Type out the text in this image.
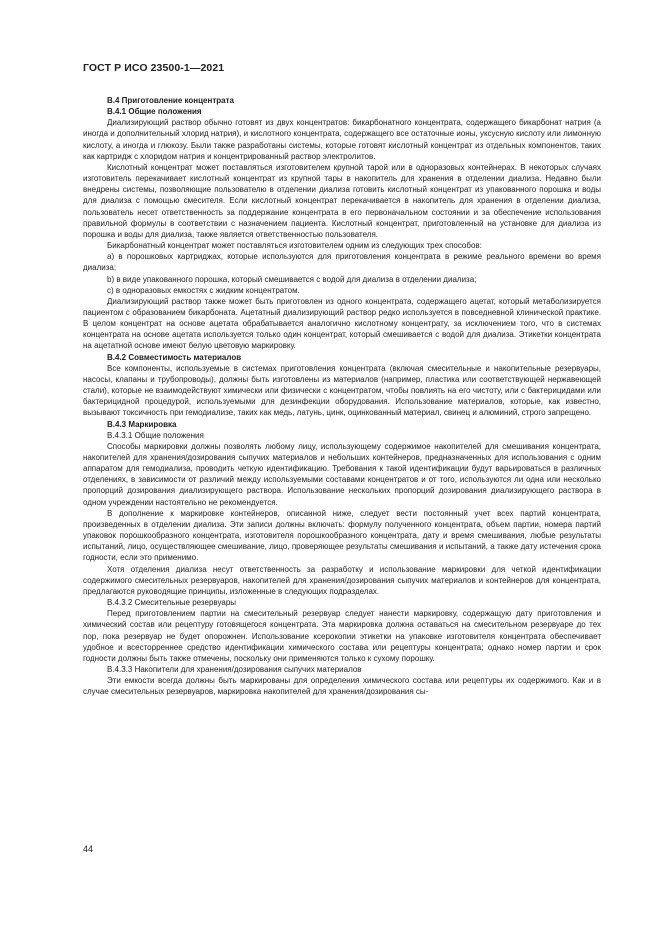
ГОСТ Р ИСО 23500-1—2021

B.4 Приготовление концентрата

B.4.1 Общие положения

Диализирующий раствор обычно готовят из двух концентратов: бикарбонатного концентрата, содержащего бикарбонат натрия (а иногда и дополнительный хлорид натрия), и кислотного концентрата, содержащего все остаточные ионы, уксусную кислоту или лимонную кислоту, а иногда и глюкозу. Были также разработаны системы, которые готовят кислотный концентрат из отдельных компонентов, таких как картридж с хлоридом натрия и концентрированный раствор электролитов.

Кислотный концентрат может поставляться изготовителем крупной тарой или в одноразовых контейнерах. В некоторых случаях изготовитель перекачивает кислотный концентрат из крупной тары в накопитель для хранения в отделении диализа. Недавно были внедрены системы, позволяющие пользователю в отделении диализа готовить кислотный концентрат из упакованного порошка и воды для диализа с помощью смесителя. Если кислотный концентрат перекачивается в накопитель для хранения в отделении диализа, пользователь несет ответственность за поддержание концентрата в его первоначальном состоянии и за обеспечение использования правильной формулы в соответствии с назначением пациента. Кислотный концентрат, приготовленный на установке для диализа из порошка и воды для диализа, также является ответственностью пользователя.

Бикарбонатный концентрат может поставляться изготовителем одним из следующих трех способов:

а) в порошковых картриджах, которые используются для приготовления концентрата в режиме реального времени во время диализа;

b) в виде упакованного порошка, который смешивается с водой для диализа в отделении диализа;

с) в одноразовых емкостях с жидким концентратом.

Диализирующий раствор также может быть приготовлен из одного концентрата, содержащего ацетат, который метаболизируется пациентом с образованием бикарбоната. Ацетатный диализирующий раствор редко используется в повседневной клинической практике. В целом концентрат на основе ацетата обрабатывается аналогично кислотному концентрату, за исключением того, что в системах концентрата на основе ацетата используется только один концентрат, который смешивается с водой для диализа. Этикетки концентрата на ацетатной основе имеют белую цветовую маркировку.

B.4.2 Совместимость материалов

Все компоненты, используемые в системах приготовления концентрата (включая смесительные и накопительные резервуары, насосы, клапаны и трубопроводы), должны быть изготовлены из материалов (например, пластика или соответствующей нержавеющей стали), которые не взаимодействуют химически или физически с концентратом, чтобы повлиять на его чистоту, или с бактерицидами или бактерицидной процедурой, используемыми для дезинфекции оборудования. Использование материалов, которые, как известно, вызывают токсичность при гемодиализе, таких как медь, латунь, цинк, оцинкованный материал, свинец и алюминий, строго запрещено.

B.4.3 Маркировка

B.4.3.1 Общие положения

Способы маркировки должны позволять любому лицу, использующему содержимое накопителей для смешивания концентрата, накопителей для хранения/дозирования сыпучих материалов и небольших контейнеров, предназначенных для использования с одним аппаратом для гемодиализа, проводить четкую идентификацию. Требования к такой идентификации будут варьироваться в различных отделениях, в зависимости от различий между используемыми составами концентратов и от того, используются ли одна или несколько пропорций дозирования диализирующего раствора. Использование нескольких пропорций дозирования диализирующего раствора в одном учреждении настоятельно не рекомендуется.

В дополнение к маркировке контейнеров, описанной ниже, следует вести постоянный учет всех партий концентрата, произведенных в отделении диализа. Эти записи должны включать: формулу полученного концентрата, объем партии, номера партий упаковок порошкообразного концентрата, изготовителя порошкообразного концентрата, дату и время смешивания, любые результаты испытаний, лицо, осуществляющее смешивание, лицо, проверяющее результаты смешивания и испытаний, а также дату истечения срока годности, если это применимо.

Хотя отделения диализа несут ответственность за разработку и использование маркировки для четкой идентификации содержимого смесительных резервуаров, накопителей для хранения/дозирования сыпучих материалов и контейнеров для концентрата, предлагаются руководящие принципы, изложенные в следующих подразделах.

B.4.3.2 Смесительные резервуары

Перед приготовлением партии на смесительный резервуар следует нанести маркировку, содержащую дату приготовления и химический состав или рецептуру готовящегося концентрата. Эта маркировка должна оставаться на смесительном резервуаре до тех пор, пока резервуар не будет опорожнен. Использование ксерокопии этикетки на упаковке изготовителя концентрата обеспечивает удобное и всесторреннее средство идентификации химического состава или рецептуры концентрата; однако номер партии и срок годности должны быть также отмечены, поскольку они применяются только к сухому порошку.

B.4.3.3 Накопители для хранения/дозирования сыпучих материалов

Эти емкости всегда должны быть маркированы для определения химического состава или рецептуры их содержимого. Как и в случае смесительных резервуаров, маркировка накопителей для хранения/дозирования сы-

44
